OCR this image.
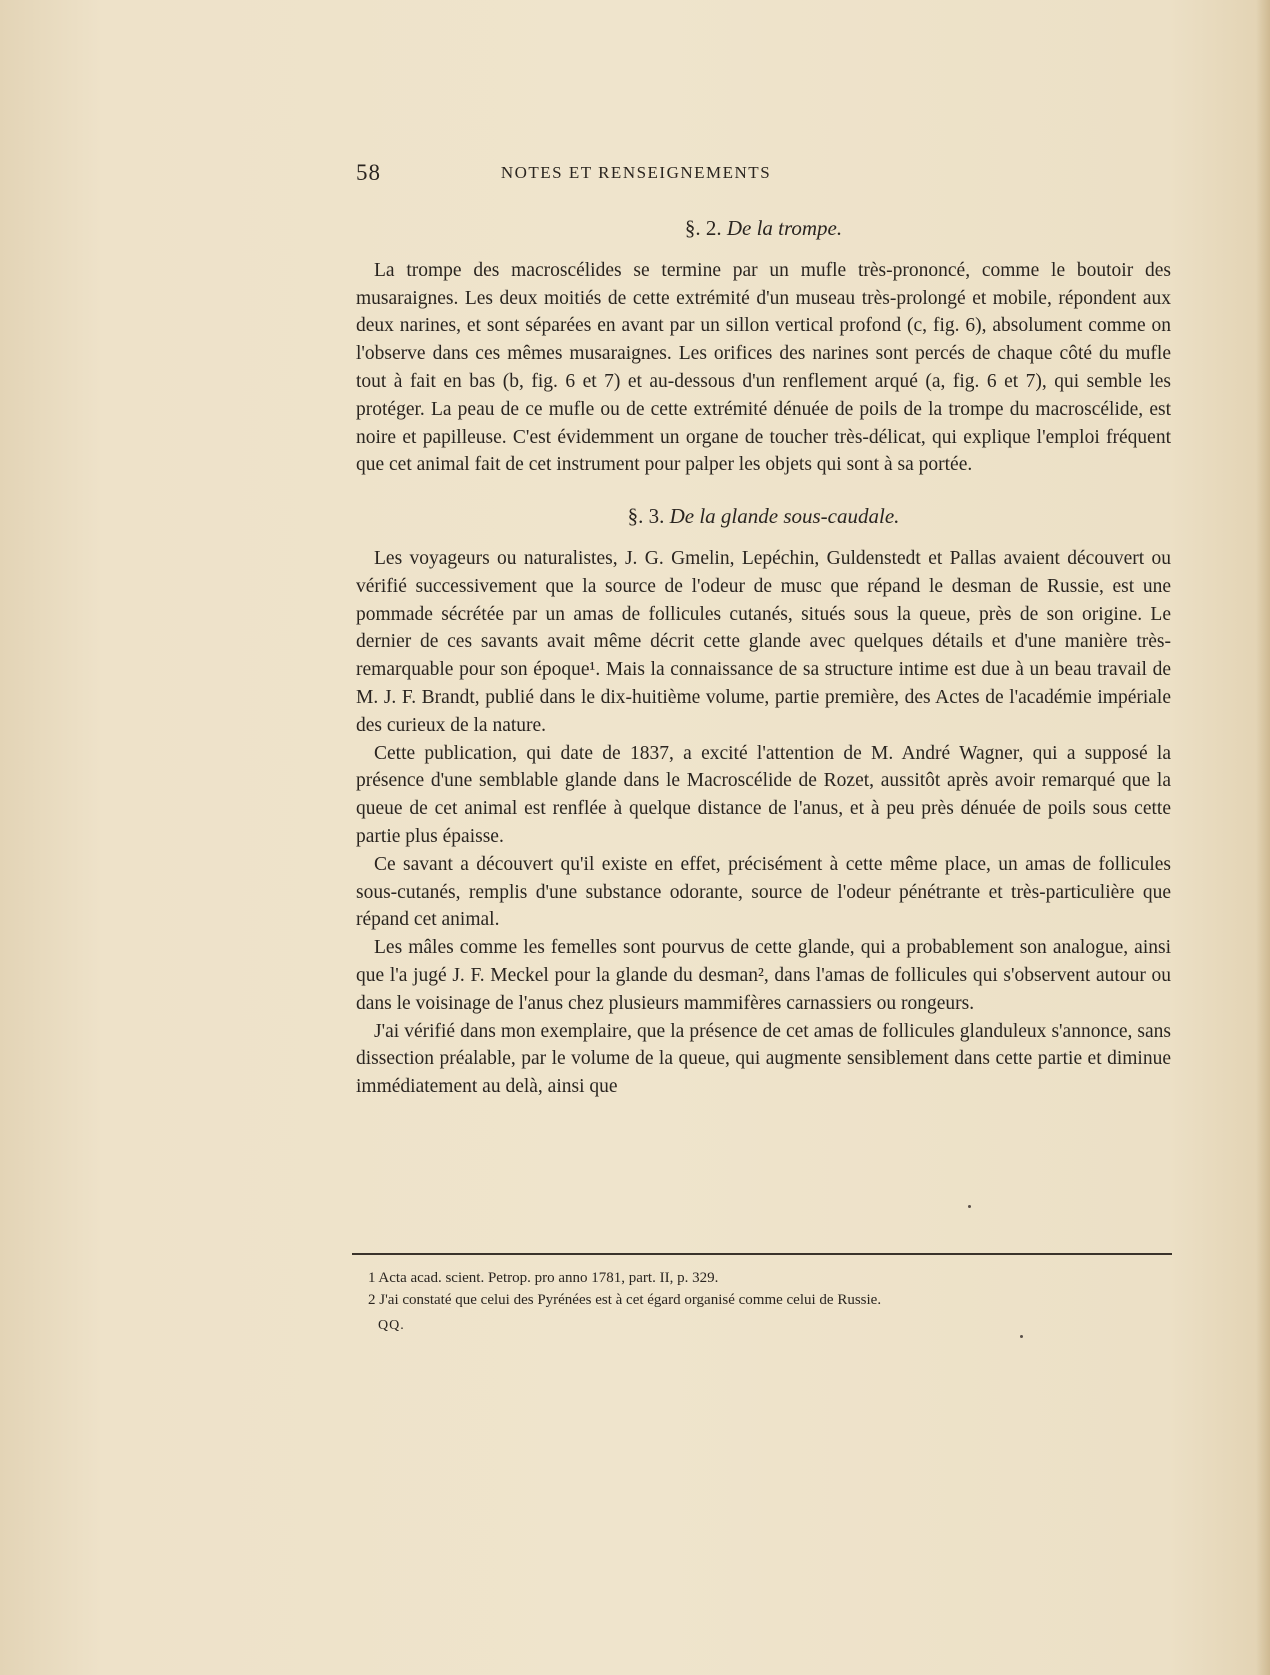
58	NOTES ET RENSEIGNEMENTS
§. 2. De la trompe.

La trompe des macroscélides se termine par un mufle très-prononcé, comme le boutoir des musaraignes. Les deux moitiés de cette extrémité d'un museau très-prolongé et mobile, répondent aux deux narines, et sont séparées en avant par un sillon vertical profond (c, fig. 6), absolument comme on l'observe dans ces mêmes musaraignes. Les orifices des narines sont percés de chaque côté du mufle tout à fait en bas (b, fig. 6 et 7) et au-dessous d'un renflement arqué (a, fig. 6 et 7), qui semble les protéger. La peau de ce mufle ou de cette extrémité dénuée de poils de la trompe du macroscélide, est noire et papilleuse. C'est évidemment un organe de toucher très-délicat, qui explique l'emploi fréquent que cet animal fait de cet instrument pour palper les objets qui sont à sa portée.

§. 3. De la glande sous-caudale.

Les voyageurs ou naturalistes, J. G. Gmelin, Lepéchin, Guldenstedt et Pallas avaient découvert ou vérifié successivement que la source de l'odeur de musc que répand le desman de Russie, est une pommade sécrétée par un amas de follicules cutanés, situés sous la queue, près de son origine. Le dernier de ces savants avait même décrit cette glande avec quelques détails et d'une manière très-remarquable pour son époque¹. Mais la connaissance de sa structure intime est due à un beau travail de M. J. F. Brandt, publié dans le dix-huitième volume, partie première, des Actes de l'académie impériale des curieux de la nature.

Cette publication, qui date de 1837, a excité l'attention de M. André Wagner, qui a supposé la présence d'une semblable glande dans le Macroscélide de Rozet, aussitôt après avoir remarqué que la queue de cet animal est renflée à quelque distance de l'anus, et à peu près dénuée de poils sous cette partie plus épaisse.

Ce savant a découvert qu'il existe en effet, précisément à cette même place, un amas de follicules sous-cutanés, remplis d'une substance odorante, source de l'odeur pénétrante et très-particulière que répand cet animal.

Les mâles comme les femelles sont pourvus de cette glande, qui a probablement son analogue, ainsi que l'a jugé J. F. Meckel pour la glande du desman², dans l'amas de follicules qui s'observent autour ou dans le voisinage de l'anus chez plusieurs mammifères carnassiers ou rongeurs.

J'ai vérifié dans mon exemplaire, que la présence de cet amas de follicules glanduleux s'annonce, sans dissection préalable, par le volume de la queue, qui augmente sensiblement dans cette partie et diminue immédiatement au delà, ainsi que

1 Acta acad. scient. Petrop. pro anno 1781, part. II, p. 329.

2 J'ai constaté que celui des Pyrénées est à cet égard organisé comme celui de Russie.

QQ.
